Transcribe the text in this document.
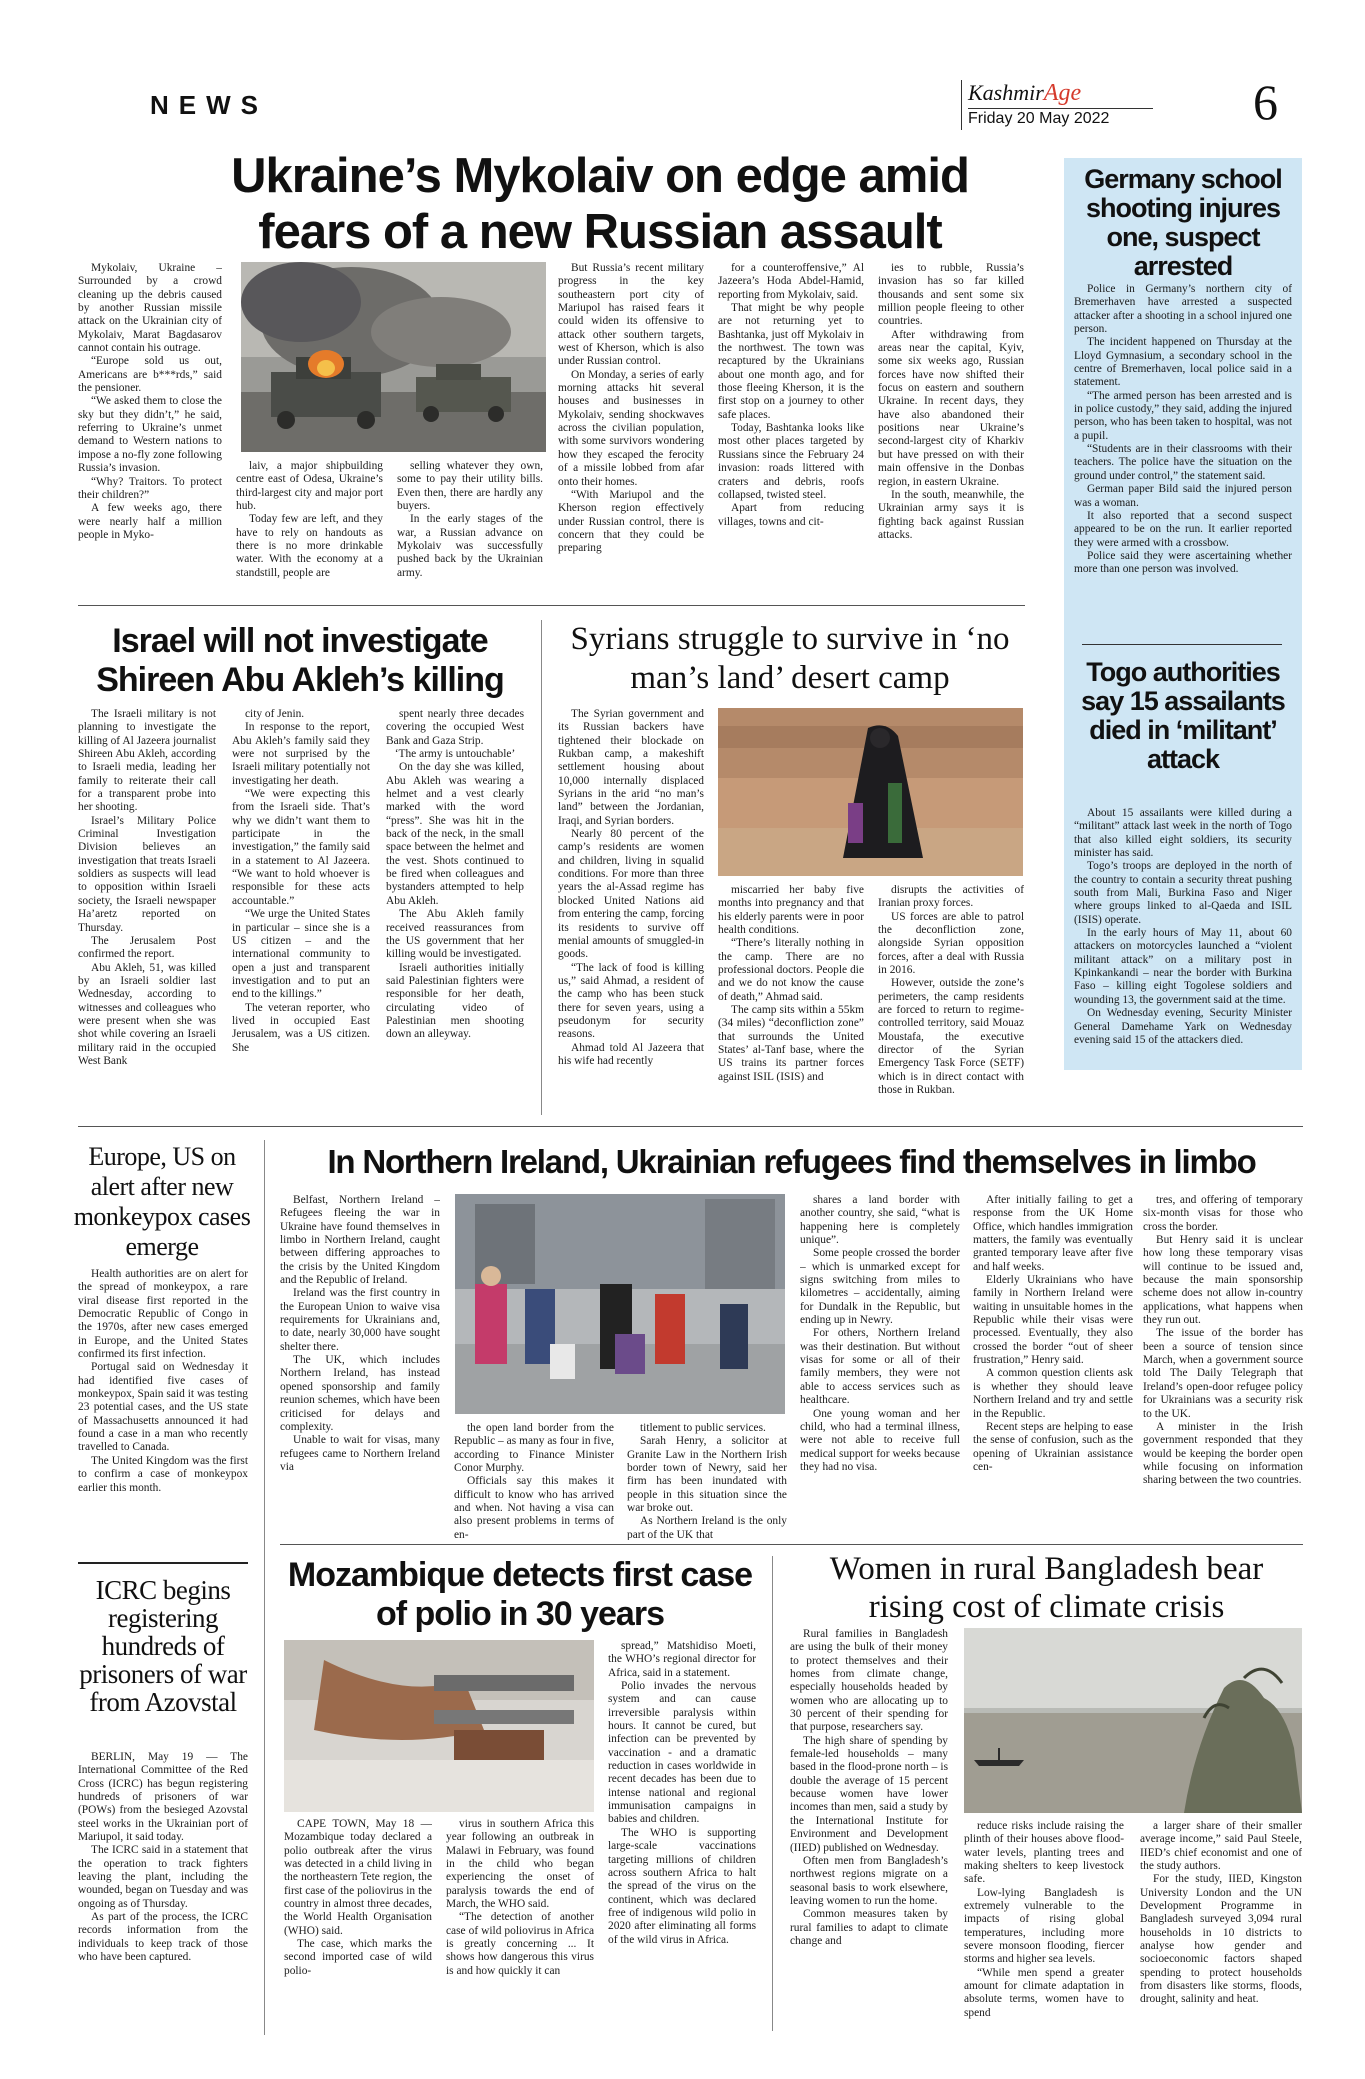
NEWS	KashmirAge
Friday 20 May 2022	6
Ukraine’s Mykolaiv on edge amid fears of a new Russian assault

Mykolaiv, Ukraine – Surrounded by a crowd cleaning up the debris caused by another Russian missile attack on the Ukrainian city of Mykolaiv, Marat Bagdasarov cannot contain his outrage.

“Europe sold us out, Americans are b***rds,” said the pensioner.

“We asked them to close the sky but they didn’t,” he said, referring to Ukraine’s unmet demand to Western nations to impose a no-fly zone following Russia’s invasion.

“Why? Traitors. To protect their children?”

A few weeks ago, there were nearly half a million people in Myko-

laiv, a major shipbuilding centre east of Odesa, Ukraine’s third-largest city and major port hub.

Today few are left, and they have to rely on handouts as there is no more drinkable water. With the economy at a standstill, people are

selling whatever they own, some to pay their utility bills. Even then, there are hardly any buyers.

In the early stages of the war, a Russian advance on Mykolaiv was successfully pushed back by the Ukrainian army.

But Russia’s recent military progress in the key southeastern port city of Mariupol has raised fears it could widen its offensive to attack other southern targets, west of Kherson, which is also under Russian control.

On Monday, a series of early morning attacks hit several houses and businesses in Mykolaiv, sending shockwaves across the civilian population, with some survivors wondering how they escaped the ferocity of a missile lobbed from afar onto their homes.

“With Mariupol and the Kherson region effectively under Russian control, there is concern that they could be preparing

for a counteroffensive,” Al Jazeera’s Hoda Abdel-Hamid, reporting from Mykolaiv, said.

That might be why people are not returning yet to Bashtanka, just off Mykolaiv in the northwest. The town was recaptured by the Ukrainians about one month ago, and for those fleeing Kherson, it is the first stop on a journey to other safe places.

Today, Bashtanka looks like most other places targeted by Russians since the February 24 invasion: roads littered with craters and debris, roofs collapsed, twisted steel.

Apart from reducing villages, towns and cit-

ies to rubble, Russia’s invasion has so far killed thousands and sent some six million people fleeing to other countries.

After withdrawing from areas near the capital, Kyiv, some six weeks ago, Russian forces have now shifted their focus on eastern and southern Ukraine. In recent days, they have also abandoned their positions near Ukraine’s second-largest city of Kharkiv but have pressed on with their main offensive in the Donbas region, in eastern Ukraine.

In the south, meanwhile, the Ukrainian army says it is fighting back against Russian attacks.

Germany school shooting injures one, suspect arrested

Police in Germany’s northern city of Bremerhaven have arrested a suspected attacker after a shooting in a school injured one person.

The incident happened on Thursday at the Lloyd Gymnasium, a secondary school in the centre of Bremerhaven, local police said in a statement.

“The armed person has been arrested and is in police custody,” they said, adding the injured person, who has been taken to hospital, was not a pupil.

“Students are in their classrooms with their teachers. The police have the situation on the ground under control,” the statement said.

German paper Bild said the injured person was a woman.

It also reported that a second suspect appeared to be on the run. It earlier reported they were armed with a crossbow.

Police said they were ascertaining whether more than one person was involved.

Togo authorities say 15 assailants died in ‘militant’ attack

About 15 assailants were killed during a “militant” attack last week in the north of Togo that also killed eight soldiers, its security minister has said.

Togo’s troops are deployed in the north of the country to contain a security threat pushing south from Mali, Burkina Faso and Niger where groups linked to al-Qaeda and ISIL (ISIS) operate.

In the early hours of May 11, about 60 attackers on motorcycles launched a “violent militant attack” on a military post in Kpinkankandi – near the border with Burkina Faso – killing eight Togolese soldiers and wounding 13, the government said at the time.

On Wednesday evening, Security Minister General Damehame Yark on Wednesday evening said 15 of the attackers died.

Israel will not investigate Shireen Abu Akleh’s killing

The Israeli military is not planning to investigate the killing of Al Jazeera journalist Shireen Abu Akleh, according to Israeli media, leading her family to reiterate their call for a transparent probe into her shooting.

Israel’s Military Police Criminal Investigation Division believes an investigation that treats Israeli soldiers as suspects will lead to opposition within Israeli society, the Israeli newspaper Ha’aretz reported on Thursday.

The Jerusalem Post confirmed the report.

Abu Akleh, 51, was killed by an Israeli soldier last Wednesday, according to witnesses and colleagues who were present when she was shot while covering an Israeli military raid in the occupied West Bank

city of Jenin.

In response to the report, Abu Akleh’s family said they were not surprised by the Israeli military potentially not investigating her death.

“We were expecting this from the Israeli side. That’s why we didn’t want them to participate in the investigation,” the family said in a statement to Al Jazeera. “We want to hold whoever is responsible for these acts accountable.”

“We urge the United States in particular – since she is a US citizen – and the international community to open a just and transparent investigation and to put an end to the killings.”

The veteran reporter, who lived in occupied East Jerusalem, was a US citizen. She

spent nearly three decades covering the occupied West Bank and Gaza Strip.

‘The army is untouchable’

On the day she was killed, Abu Akleh was wearing a helmet and a vest clearly marked with the word “press”. She was hit in the back of the neck, in the small space between the helmet and the vest. Shots continued to be fired when colleagues and bystanders attempted to help Abu Akleh.

The Abu Akleh family received reassurances from the US government that her killing would be investigated.

Israeli authorities initially said Palestinian fighters were responsible for her death, circulating video of Palestinian men shooting down an alleyway.

Syrians struggle to survive in ‘no man’s land’ desert camp

The Syrian government and its Russian backers have tightened their blockade on Rukban camp, a makeshift settlement housing about 10,000 internally displaced Syrians in the arid “no man’s land” between the Jordanian, Iraqi, and Syrian borders.

Nearly 80 percent of the camp’s residents are women and children, living in squalid conditions. For more than three years the al-Assad regime has blocked United Nations aid from entering the camp, forcing its residents to survive off menial amounts of smuggled-in goods.

“The lack of food is killing us,” said Ahmad, a resident of the camp who has been stuck there for seven years, using a pseudonym for security reasons.

Ahmad told Al Jazeera that his wife had recently

miscarried her baby five months into pregnancy and that his elderly parents were in poor health conditions.

“There’s literally nothing in the camp. There are no professional doctors. People die and we do not know the cause of death,” Ahmad said.

The camp sits within a 55km (34 miles) “deconfliction zone” that surrounds the United States’ al-Tanf base, where the US trains its partner forces against ISIL (ISIS) and

disrupts the activities of Iranian proxy forces.

US forces are able to patrol the deconfliction zone, alongside Syrian opposition forces, after a deal with Russia in 2016.

However, outside the zone’s perimeters, the camp residents are forced to return to regime-controlled territory, said Mouaz Moustafa, the executive director of the Syrian Emergency Task Force (SETF) which is in direct contact with those in Rukban.

Europe, US on alert after new monkeypox cases emerge

Health authorities are on alert for the spread of monkeypox, a rare viral disease first reported in the Democratic Republic of Congo in the 1970s, after new cases emerged in Europe, and the United States confirmed its first infection.

Portugal said on Wednesday it had identified five cases of monkeypox, Spain said it was testing 23 potential cases, and the US state of Massachusetts announced it had found a case in a man who recently travelled to Canada.

The United Kingdom was the first to confirm a case of monkeypox earlier this month.

ICRC begins registering hundreds of prisoners of war from Azovstal

BERLIN, May 19 — The International Committee of the Red Cross (ICRC) has begun registering hundreds of prisoners of war (POWs) from the besieged Azovstal steel works in the Ukrainian port of Mariupol, it said today.

The ICRC said in a statement that the operation to track fighters leaving the plant, including the wounded, began on Tuesday and was ongoing as of Thursday.

As part of the process, the ICRC records information from the individuals to keep track of those who have been captured.

In Northern Ireland, Ukrainian refugees find themselves in limbo

Belfast, Northern Ireland – Refugees fleeing the war in Ukraine have found themselves in limbo in Northern Ireland, caught between differing approaches to the crisis by the United Kingdom and the Republic of Ireland.

Ireland was the first country in the European Union to waive visa requirements for Ukrainians and, to date, nearly 30,000 have sought shelter there.

The UK, which includes Northern Ireland, has instead opened sponsorship and family reunion schemes, which have been criticised for delays and complexity.

Unable to wait for visas, many refugees came to Northern Ireland via

the open land border from the Republic – as many as four in five, according to Finance Minister Conor Murphy.

Officials say this makes it difficult to know who has arrived and when. Not having a visa can also present problems in terms of en-

titlement to public services.

Sarah Henry, a solicitor at Granite Law in the Northern Irish border town of Newry, said her firm has been inundated with people in this situation since the war broke out.

As Northern Ireland is the only part of the UK that

shares a land border with another country, she said, “what is happening here is completely unique”.

Some people crossed the border – which is unmarked except for signs switching from miles to kilometres – accidentally, aiming for Dundalk in the Republic, but ending up in Newry.

For others, Northern Ireland was their destination. But without visas for some or all of their family members, they were not able to access services such as healthcare.

One young woman and her child, who had a terminal illness, were not able to receive full medical support for weeks because they had no visa.

After initially failing to get a response from the UK Home Office, which handles immigration matters, the family was eventually granted temporary leave after five and half weeks.

Elderly Ukrainians who have family in Northern Ireland were waiting in unsuitable homes in the Republic while their visas were processed. Eventually, they also crossed the border “out of sheer frustration,” Henry said.

A common question clients ask is whether they should leave Northern Ireland and try and settle in the Republic.

Recent steps are helping to ease the sense of confusion, such as the opening of Ukrainian assistance cen-

tres, and offering of temporary six-month visas for those who cross the border.

But Henry said it is unclear how long these temporary visas will continue to be issued and, because the main sponsorship scheme does not allow in-country applications, what happens when they run out.

The issue of the border has been a source of tension since March, when a government source told The Daily Telegraph that Ireland’s open-door refugee policy for Ukrainians was a security risk to the UK.

A minister in the Irish government responded that they would be keeping the border open while focusing on information sharing between the two countries.

Mozambique detects first case of polio in 30 years

CAPE TOWN, May 18 — Mozambique today declared a polio outbreak after the virus was detected in a child living in the northeastern Tete region, the first case of the poliovirus in the country in almost three decades, the World Health Organisation (WHO) said.

The case, which marks the second imported case of wild polio-

virus in southern Africa this year following an outbreak in Malawi in February, was found in the child who began experiencing the onset of paralysis towards the end of March, the WHO said.

“The detection of another case of wild poliovirus in Africa is greatly concerning ... It shows how dangerous this virus is and how quickly it can

spread,” Matshidiso Moeti, the WHO’s regional director for Africa, said in a statement.

Polio invades the nervous system and can cause irreversible paralysis within hours. It cannot be cured, but infection can be prevented by vaccination - and a dramatic reduction in cases worldwide in recent decades has been due to intense national and regional immunisation campaigns in babies and children.

The WHO is supporting large-scale vaccinations targeting millions of children across southern Africa to halt the spread of the virus on the continent, which was declared free of indigenous wild polio in 2020 after eliminating all forms of the wild virus in Africa.

Women in rural Bangladesh bear rising cost of climate crisis

Rural families in Bangladesh are using the bulk of their money to protect themselves and their homes from climate change, especially households headed by women who are allocating up to 30 percent of their spending for that purpose, researchers say.

The high share of spending by female-led households – many based in the flood-prone north – is double the average of 15 percent because women have lower incomes than men, said a study by the International Institute for Environment and Development (IIED) published on Wednesday.

Often men from Bangladesh’s northwest regions migrate on a seasonal basis to work elsewhere, leaving women to run the home.

Common measures taken by rural families to adapt to climate change and

reduce risks include raising the plinth of their houses above flood-water levels, planting trees and making shelters to keep livestock safe.

Low-lying Bangladesh is extremely vulnerable to the impacts of rising global temperatures, including more severe monsoon flooding, fiercer storms and higher sea levels.

“While men spend a greater amount for climate adaptation in absolute terms, women have to spend

a larger share of their smaller average income,” said Paul Steele, IIED’s chief economist and one of the study authors.

For the study, IIED, Kingston University London and the UN Development Programme in Bangladesh surveyed 3,094 rural households in 10 districts to analyse how gender and socioeconomic factors shaped spending to protect households from disasters like storms, floods, drought, salinity and heat.
